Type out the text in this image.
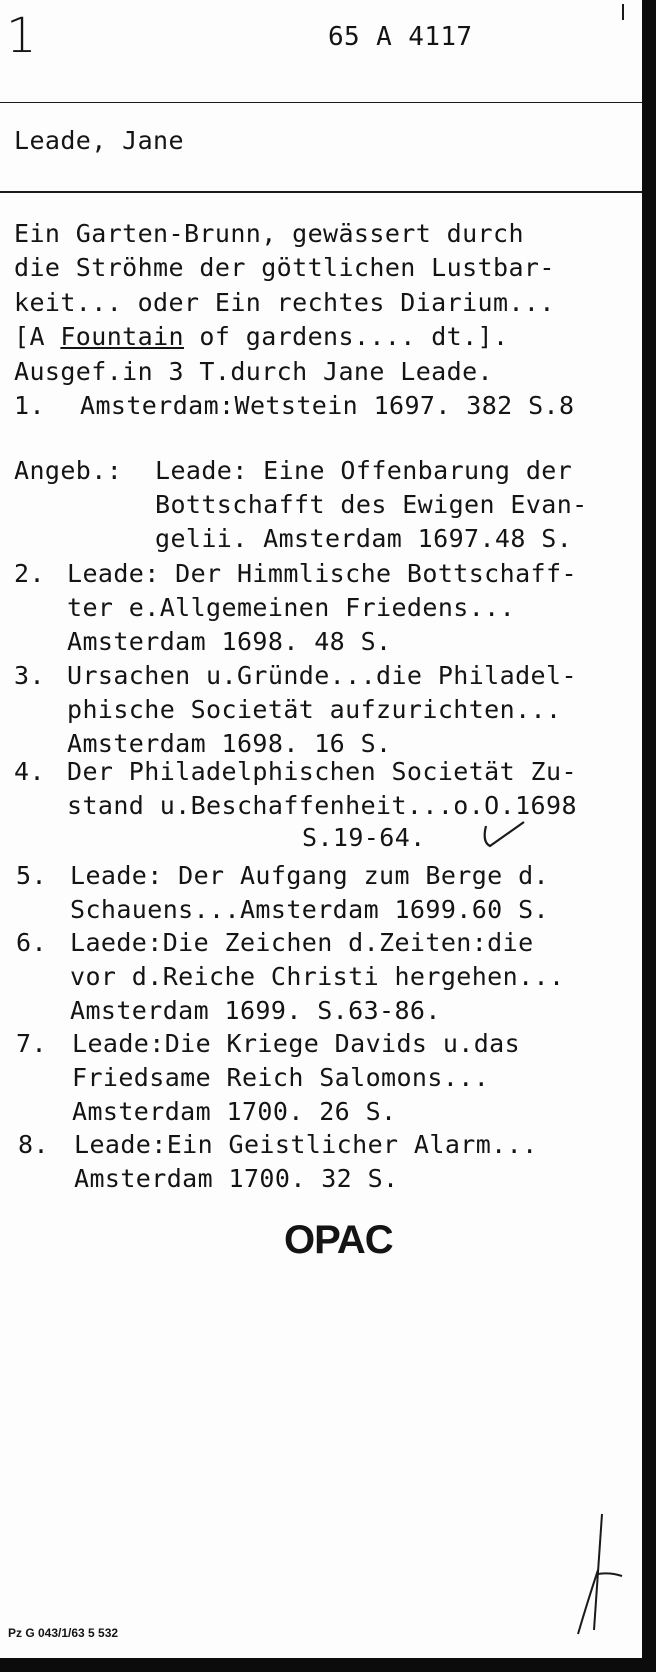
1	65 A 4117
Leade, Jane
Ein Garten-Brunn, gewässert durch
die Ströhme der göttlichen Lustbar-
keit... oder Ein rechtes Diarium...
[A Fountain of gardens.... dt.].
Ausgef.in 3 T.durch Jane Leade.
1. Amsterdam:Wetstein 1697. 382 S.8
Angeb.: Leade: Eine Offenbarung der
Bottschafft des Ewigen Evan-
gelii. Amsterdam 1697.48 S.
2. Leade: Der Himmlische Bottschaff-
ter e.Allgemeinen Friedens...
Amsterdam 1698. 48 S.
3. Ursachen u.Gründe...die Philadel-
phische Societät aufzurichten...
Amsterdam 1698. 16 S.
4. Der Philadelphischen Societät Zu-
stand u.Beschaffenheit...o.O.1698
S.19-64.
5. Leade: Der Aufgang zum Berge d.
Schauens...Amsterdam 1699.60 S.
6. Laede:Die Zeichen d.Zeiten:die
vor d.Reiche Christi hergehen...
Amsterdam 1699. S.63-86.
7. Leade:Die Kriege Davids u.das
Friedsame Reich Salomons...
Amsterdam 1700. 26 S.
8. Leade:Ein Geistlicher Alarm...
Amsterdam 1700. 32 S.
OPAC
Pz G 043/1/63 5 532
